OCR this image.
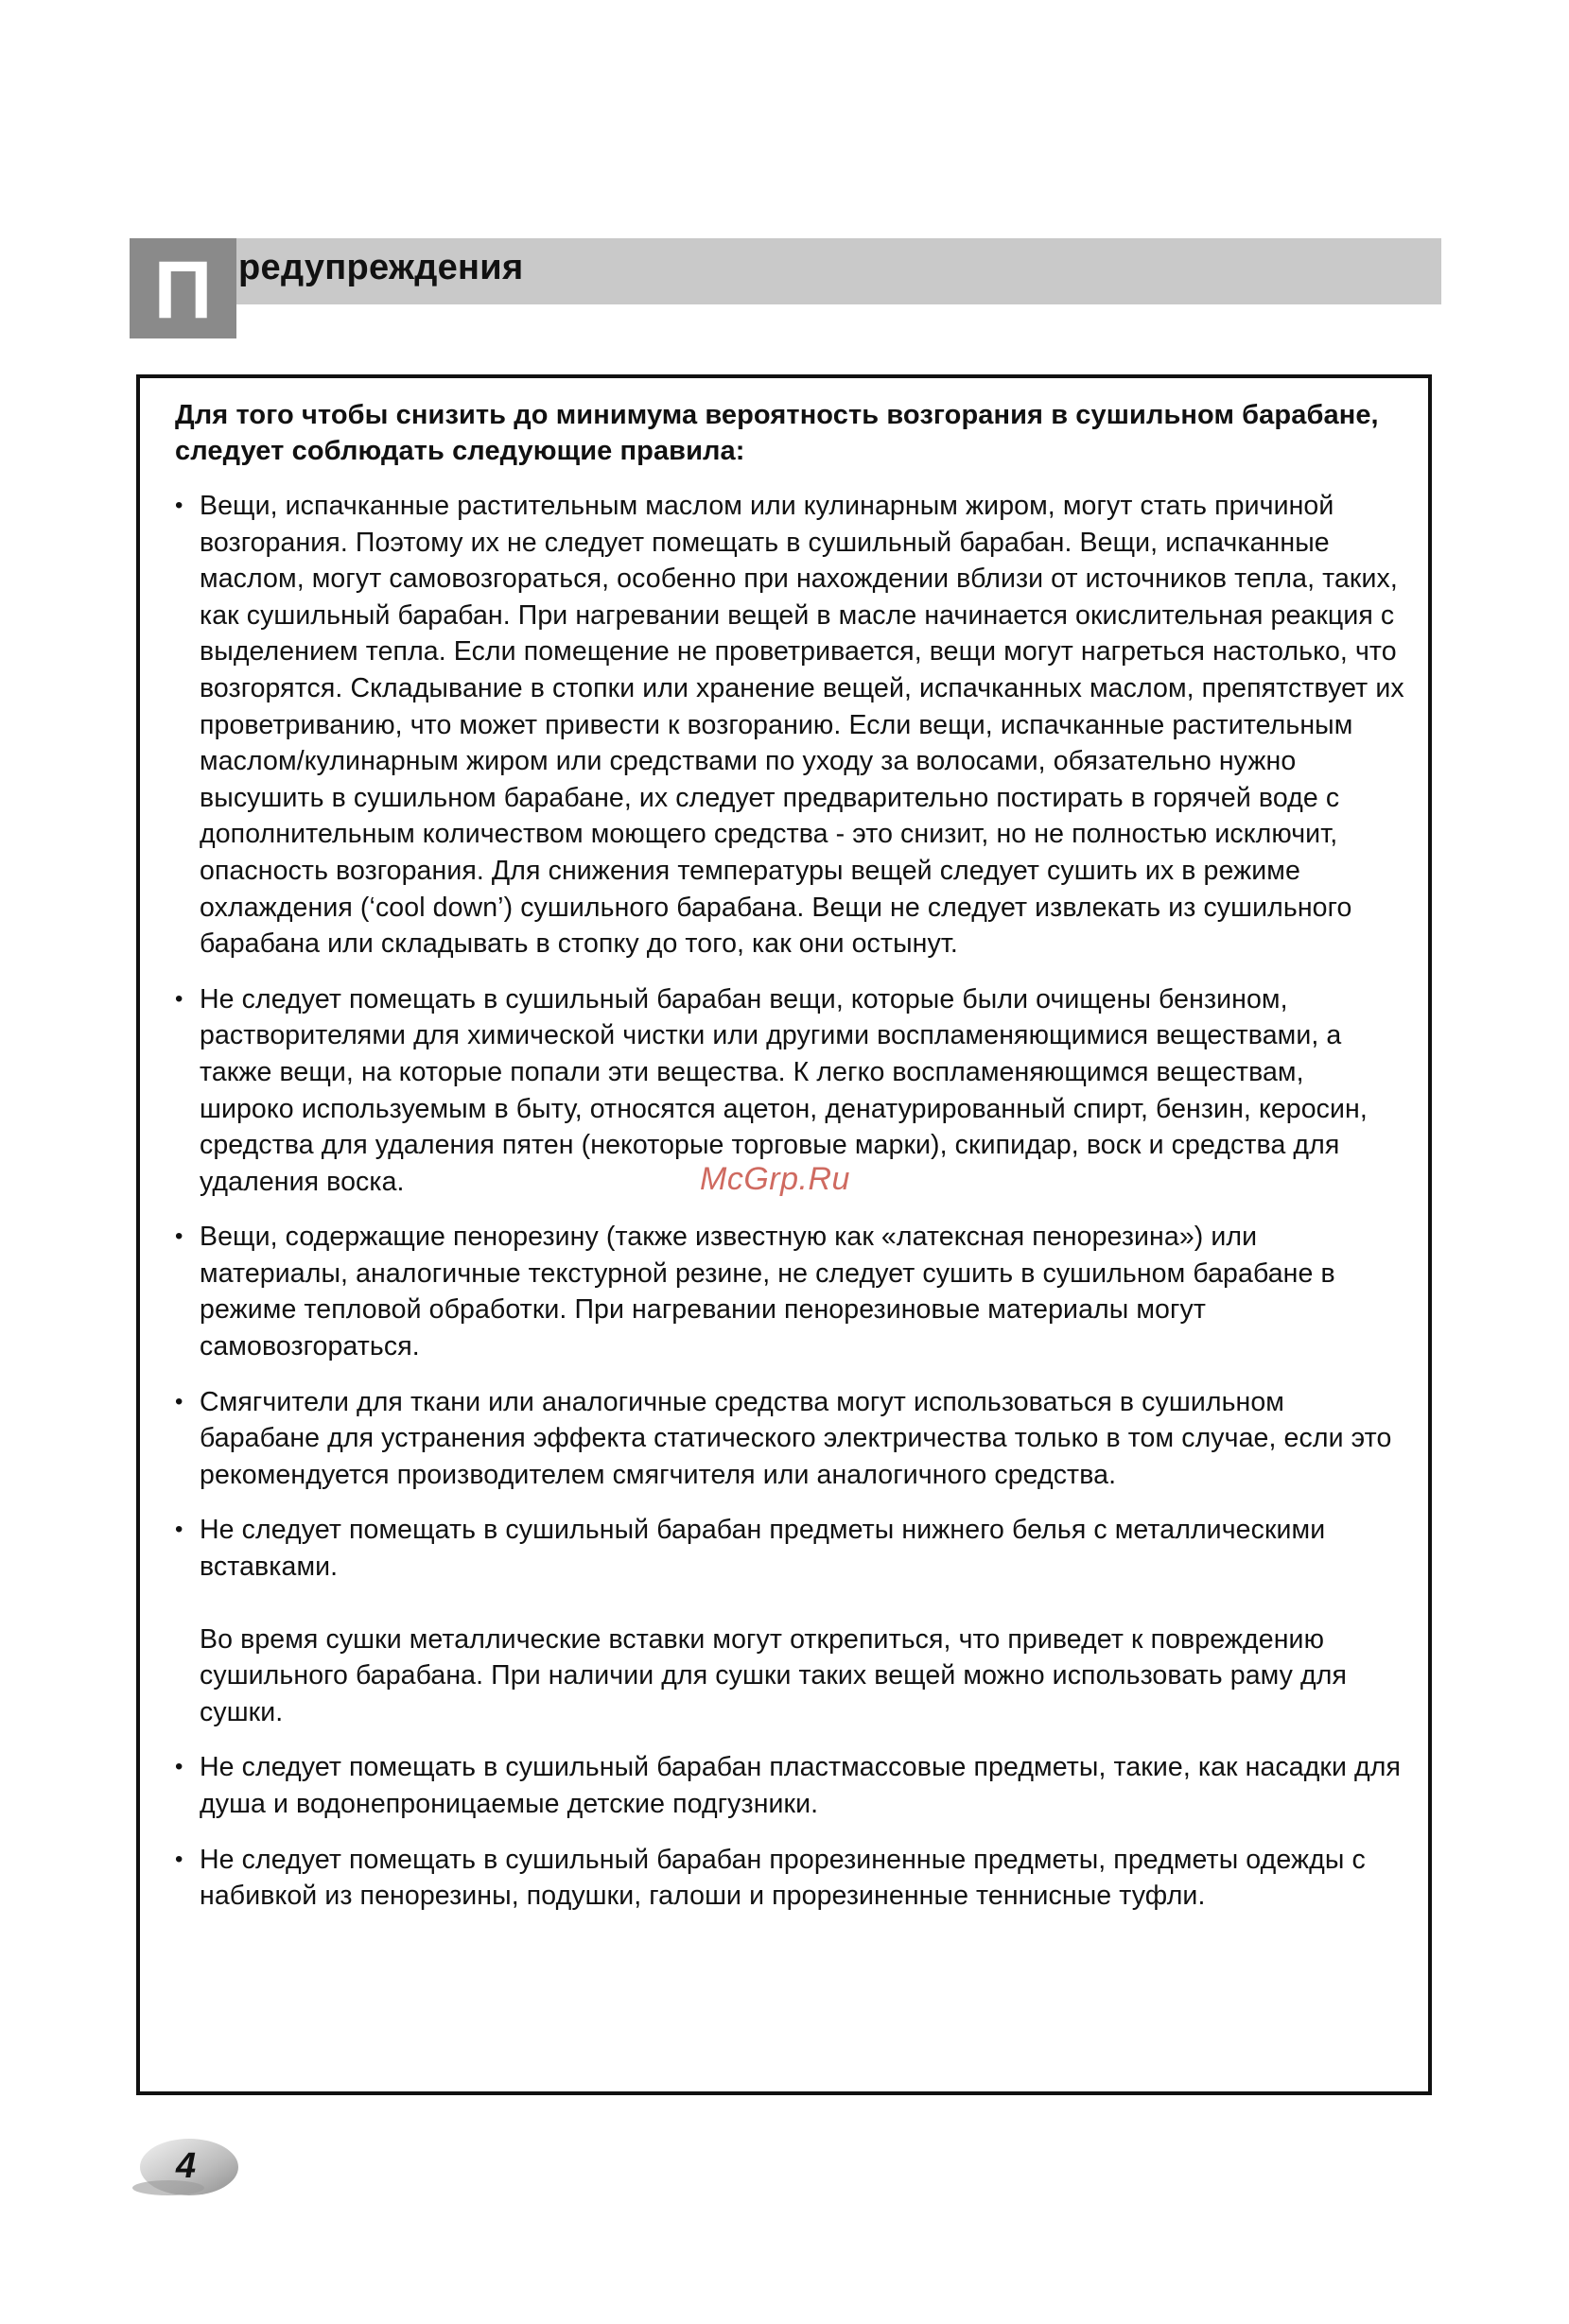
П редупреждения

Для того чтобы снизить до минимума вероятность возгорания в сушильном барабане, следует соблюдать следующие правила:

• Вещи, испачканные растительным маслом или кулинарным жиром, могут стать причиной возгорания. Поэтому их не следует помещать в сушильный барабан. Вещи, испачканные маслом, могут самовозгораться, особенно при нахождении вблизи от источников тепла, таких, как сушильный барабан. При нагревании вещей в масле начинается окислительная реакция с выделением тепла. Если помещение не проветривается, вещи могут нагреться настолько, что возгорятся. Складывание в стопки или хранение вещей, испачканных маслом, препятствует их проветриванию, что может привести к возгоранию. Если вещи, испачканные растительным маслом/кулинарным жиром или средствами по уходу за волосами, обязательно нужно высушить в сушильном барабане, их следует предварительно постирать в горячей воде с дополнительным количеством моющего средства - это снизит, но не полностью исключит, опасность возгорания. Для снижения температуры вещей следует сушить их в режиме охлаждения (‘cool down’) сушильного барабана. Вещи не следует извлекать из сушильного барабана или складывать в стопку до того, как они остынут.
• Не следует помещать в сушильный барабан вещи, которые были очищены бензином, растворителями для химической чистки или другими воспламеняющимися веществами, а также вещи, на которые попали эти вещества. К легко воспламеняющимся веществам, широко используемым в быту, относятся ацетон, денатурированный спирт, бензин, керосин, средства для удаления пятен (некоторые торговые марки), скипидар, воск и средства для удаления воска.
• Вещи, содержащие пенорезину (также известную как «латексная пенорезина») или материалы, аналогичные текстурной резине, не следует сушить в сушильном барабане в режиме тепловой обработки. При нагревании пенорезиновые материалы могут самовозгораться.
• Смягчители для ткани или аналогичные средства могут использоваться в сушильном барабане для устранения эффекта статического электричества только в том случае, если это рекомендуется производителем смягчителя или аналогичного средства.
• Не следует помещать в сушильный барабан предметы нижнего белья с металлическими вставками.
Во время сушки металлические вставки могут открепиться, что приведет к повреждению сушильного барабана. При наличии для сушки таких вещей можно использовать раму для сушки.
• Не следует помещать в сушильный барабан пластмассовые предметы, такие, как насадки для душа и водонепроницаемые детские подгузники.
• Не следует помещать в сушильный барабан прорезиненные предметы, предметы одежды с набивкой из пенорезины, подушки, галоши и прорезиненные теннисные туфли.
McGrp.Ru
4
